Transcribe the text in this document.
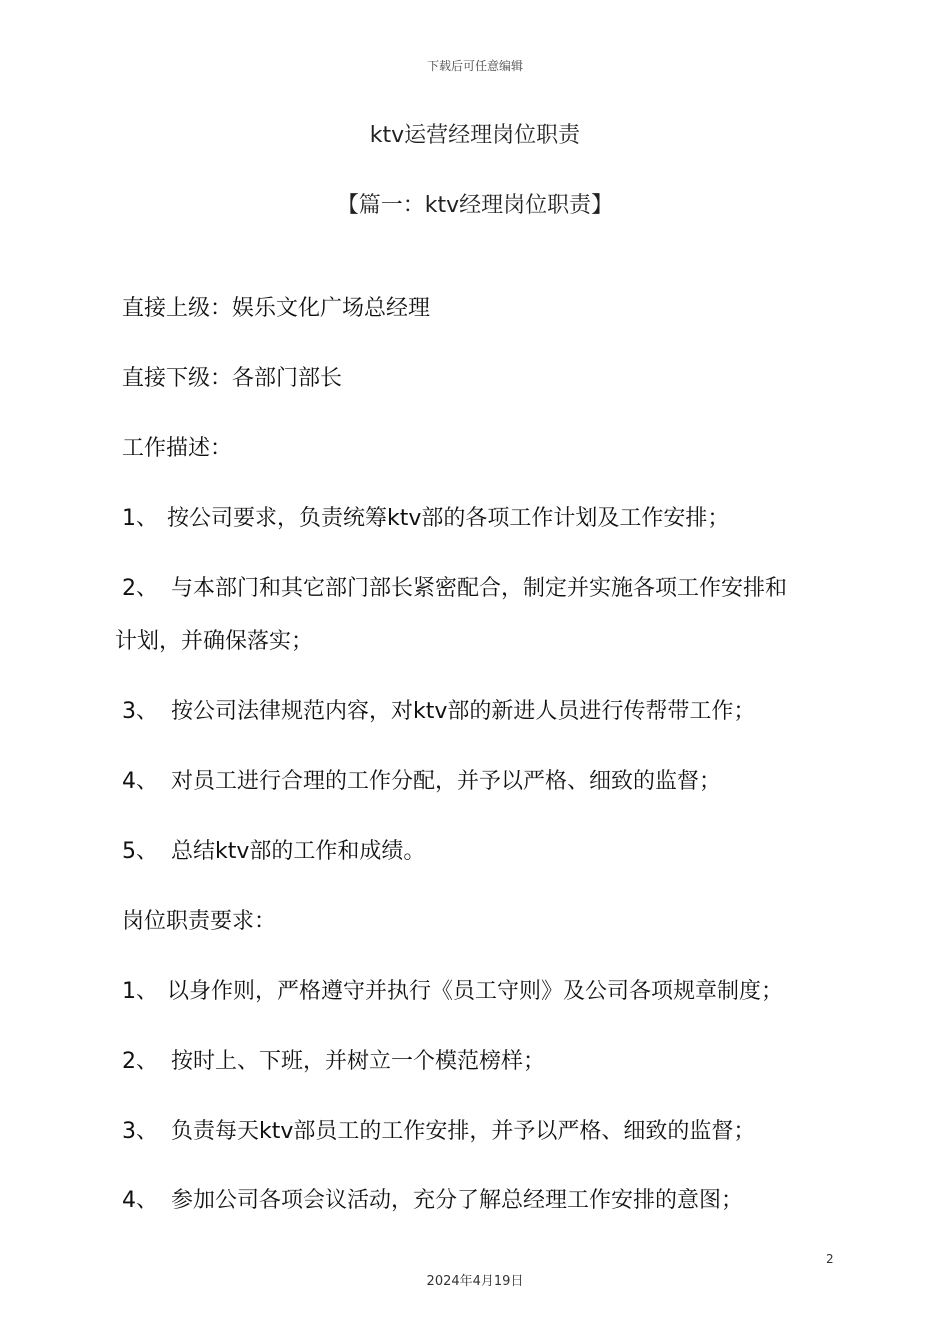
下载后可任意编辑
ktv运营经理岗位职责
【篇一：ktv经理岗位职责】
直接上级：娱乐文化广场总经理
直接下级：各部门部长
工作描述：
1、 按公司要求，负责统筹ktv部的各项工作计划及工作安排；
2、 与本部门和其它部门部长紧密配合，制定并实施各项工作安排和
计划，并确保落实；
3、 按公司法律规范内容，对ktv部的新进人员进行传帮带工作；
4、 对员工进行合理的工作分配，并予以严格、细致的监督；
5、 总结ktv部的工作和成绩。
岗位职责要求：
1、 以身作则，严格遵守并执行《员工守则》及公司各项规章制度；
2、 按时上、下班，并树立一个模范榜样；
3、 负责每天ktv部员工的工作安排，并予以严格、细致的监督；
4、 参加公司各项会议活动，充分了解总经理工作安排的意图；
2
2024年4月19日
